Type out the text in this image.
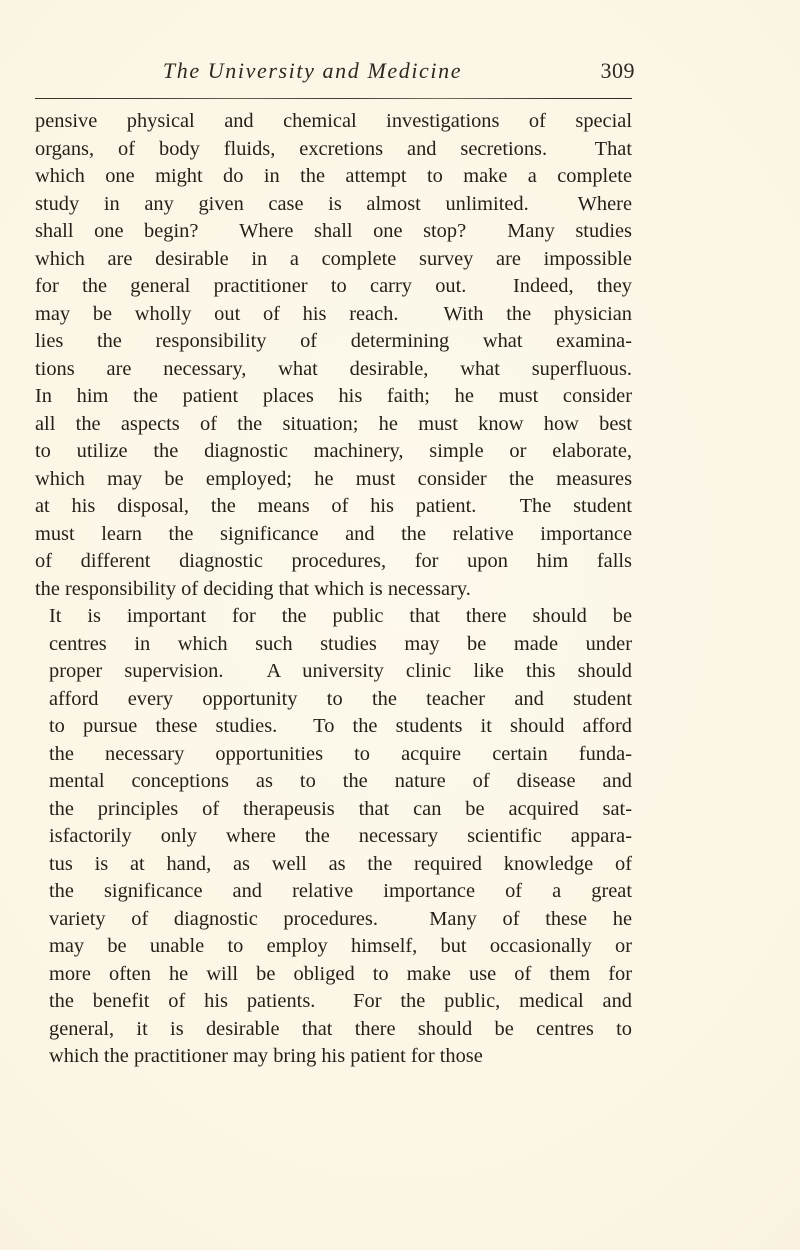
The University and Medicine	309

pensive physical and chemical investigations of special
organs, of body fluids, excretions and secretions.  That
which one might do in the attempt to make a complete
study in any given case is almost unlimited.  Where
shall one begin?  Where shall one stop?  Many studies
which are desirable in a complete survey are impossible
for the general practitioner to carry out.  Indeed, they
may be wholly out of his reach.  With the physician
lies the responsibility of determining what examina-
tions are necessary, what desirable, what superfluous.
In him the patient places his faith; he must consider
all the aspects of the situation; he must know how best
to utilize the diagnostic machinery, simple or elaborate,
which may be employed; he must consider the measures
at his disposal, the means of his patient.  The student
must learn the significance and the relative importance
of different diagnostic procedures, for upon him falls
the responsibility of deciding that which is necessary.

It is important for the public that there should be
centres in which such studies may be made under
proper supervision.  A university clinic like this should
afford every opportunity to the teacher and student
to pursue these studies.  To the students it should afford
the necessary opportunities to acquire certain funda-
mental conceptions as to the nature of disease and
the principles of therapeusis that can be acquired sat-
isfactorily only where the necessary scientific appara-
tus is at hand, as well as the required knowledge of
the significance and relative importance of a great
variety of diagnostic procedures.  Many of these he
may be unable to employ himself, but occasionally or
more often he will be obliged to make use of them for
the benefit of his patients.  For the public, medical and
general, it is desirable that there should be centres to
which the practitioner may bring his patient for those
